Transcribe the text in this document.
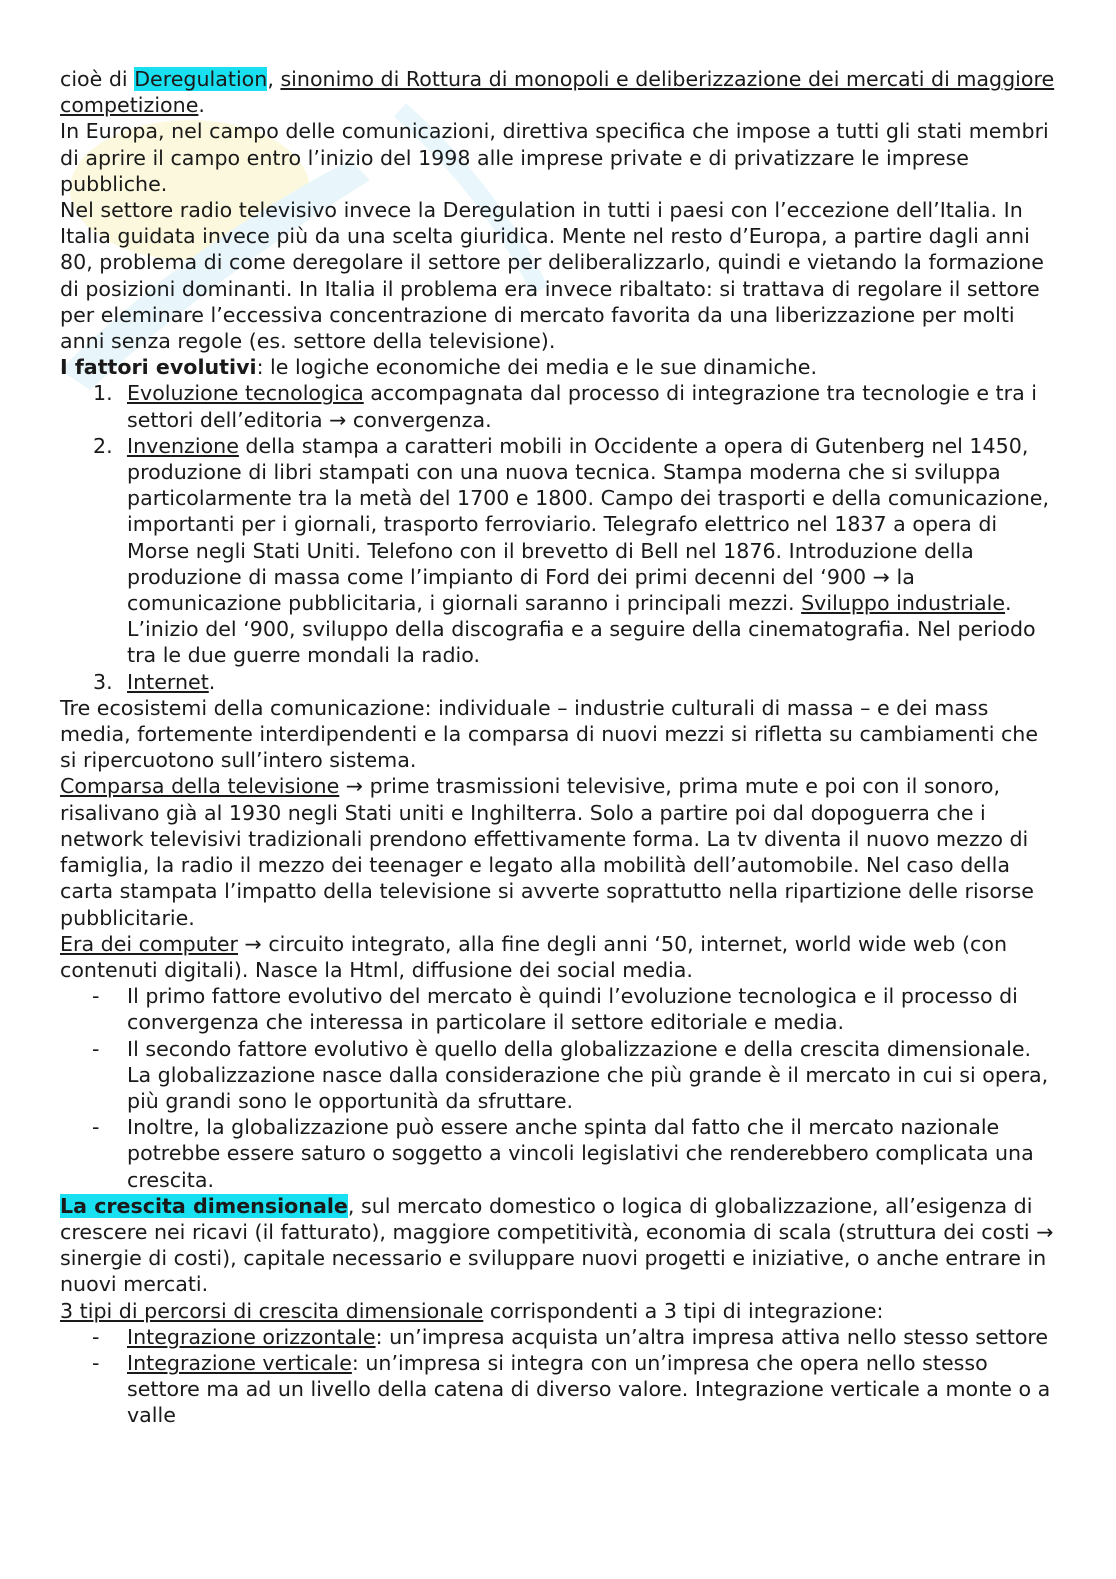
cioè di Deregulation, sinonimo di Rottura di monopoli e deliberizzazione dei mercati di maggiore competizione.

In Europa, nel campo delle comunicazioni, direttiva specifica che impose a tutti gli stati membri di aprire il campo entro l’inizio del 1998 alle imprese private e di privatizzare le imprese pubbliche.

Nel settore radio televisivo invece la Deregulation in tutti i paesi con l’eccezione dell’Italia. In Italia guidata invece più da una scelta giuridica. Mente nel resto d’Europa, a partire dagli anni 80, problema di come deregolare il settore per deliberalizzarlo, quindi e vietando la formazione di posizioni dominanti. In Italia il problema era invece ribaltato: si trattava di regolare il settore per eleminare l’eccessiva concentrazione di mercato favorita da una liberizzazione per molti anni senza regole (es. settore della televisione).

I fattori evolutivi: le logiche economiche dei media e le sue dinamiche.

1. Evoluzione tecnologica accompagnata dal processo di integrazione tra tecnologie e tra i settori dell’editoria → convergenza.
2. Invenzione della stampa a caratteri mobili in Occidente a opera di Gutenberg nel 1450, produzione di libri stampati con una nuova tecnica. Stampa moderna che si sviluppa particolarmente tra la metà del 1700 e 1800. Campo dei trasporti e della comunicazione, importanti per i giornali, trasporto ferroviario. Telegrafo elettrico nel 1837 a opera di Morse negli Stati Uniti. Telefono con il brevetto di Bell nel 1876. Introduzione della produzione di massa come l’impianto di Ford dei primi decenni del ‘900 → la comunicazione pubblicitaria, i giornali saranno i principali mezzi. Sviluppo industriale. L’inizio del ‘900, sviluppo della discografia e a seguire della cinematografia. Nel periodo tra le due guerre mondali la radio.
3. Internet.

Tre ecosistemi della comunicazione: individuale – industrie culturali di massa – e dei mass media, fortemente interdipendenti e la comparsa di nuovi mezzi si rifletta su cambiamenti che si ripercuotono sull’intero sistema.

Comparsa della televisione → prime trasmissioni televisive, prima mute e poi con il sonoro, risalivano già al 1930 negli Stati uniti e Inghilterra. Solo a partire poi dal dopoguerra che i network televisivi tradizionali prendono effettivamente forma. La tv diventa il nuovo mezzo di famiglia, la radio il mezzo dei teenager e legato alla mobilità dell’automobile. Nel caso della carta stampata l’impatto della televisione si avverte soprattutto nella ripartizione delle risorse pubblicitarie.

Era dei computer → circuito integrato, alla fine degli anni ‘50, internet, world wide web (con contenuti digitali). Nasce la Html, diffusione dei social media.

- Il primo fattore evolutivo del mercato è quindi l’evoluzione tecnologica e il processo di convergenza che interessa in particolare il settore editoriale e media.
- Il secondo fattore evolutivo è quello della globalizzazione e della crescita dimensionale. La globalizzazione nasce dalla considerazione che più grande è il mercato in cui si opera, più grandi sono le opportunità da sfruttare.
- Inoltre, la globalizzazione può essere anche spinta dal fatto che il mercato nazionale potrebbe essere saturo o soggetto a vincoli legislativi che renderebbero complicata una crescita.

La crescita dimensionale, sul mercato domestico o logica di globalizzazione, all’esigenza di crescere nei ricavi (il fatturato), maggiore competitività, economia di scala (struttura dei costi → sinergie di costi), capitale necessario e sviluppare nuovi progetti e iniziative, o anche entrare in nuovi mercati.

3 tipi di percorsi di crescita dimensionale corrispondenti a 3 tipi di integrazione:

- Integrazione orizzontale: un’impresa acquista un’altra impresa attiva nello stesso settore
- Integrazione verticale: un’impresa si integra con un’impresa che opera nello stesso settore ma ad un livello della catena di diverso valore. Integrazione verticale a monte o a valle
